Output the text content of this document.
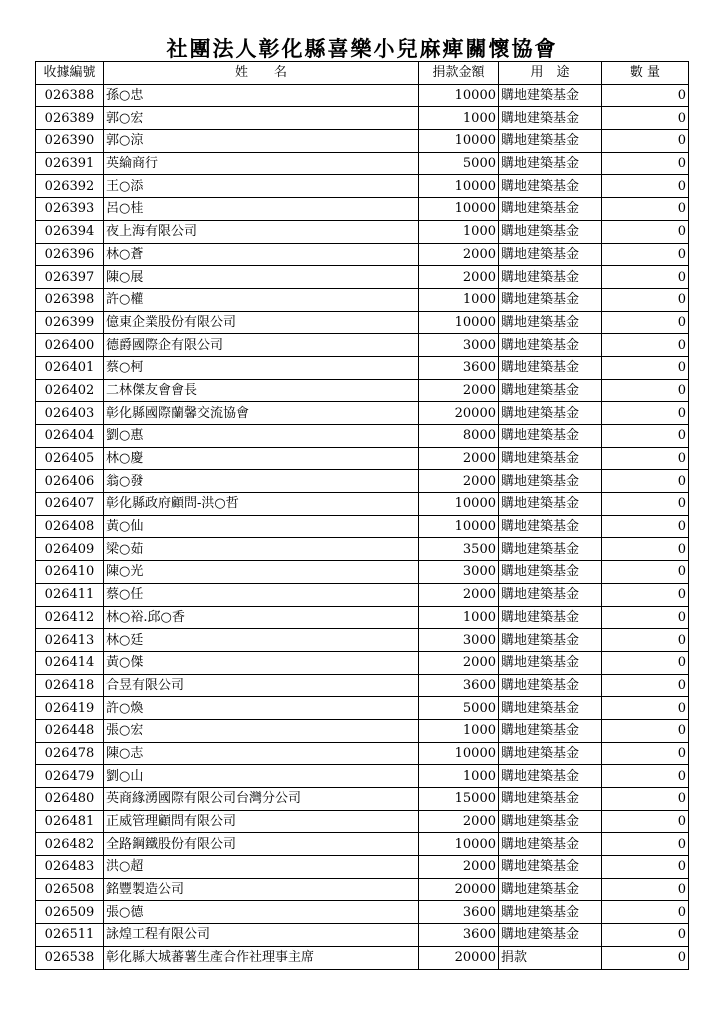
社團法人彰化縣喜樂小兒麻痺關懷協會
收據編號	姓　　名	捐款金額	用　途	數 量
026388	孫○忠	10000	購地建築基金	0
026389	郭○宏	1000	購地建築基金	0
026390	郭○涼	10000	購地建築基金	0
026391	英綸商行	5000	購地建築基金	0
026392	王○添	10000	購地建築基金	0
026393	呂○桂	10000	購地建築基金	0
026394	夜上海有限公司	1000	購地建築基金	0
026396	林○蒼	2000	購地建築基金	0
026397	陳○展	2000	購地建築基金	0
026398	許○權	1000	購地建築基金	0
026399	億東企業股份有限公司	10000	購地建築基金	0
026400	德爵國際企有限公司	3000	購地建築基金	0
026401	蔡○柯	3600	購地建築基金	0
026402	二林傑友會會長	2000	購地建築基金	0
026403	彰化縣國際蘭馨交流協會	20000	購地建築基金	0
026404	劉○惠	8000	購地建築基金	0
026405	林○慶	2000	購地建築基金	0
026406	翁○發	2000	購地建築基金	0
026407	彰化縣政府顧問-洪○哲	10000	購地建築基金	0
026408	黃○仙	10000	購地建築基金	0
026409	梁○茹	3500	購地建築基金	0
026410	陳○光	3000	購地建築基金	0
026411	蔡○任	2000	購地建築基金	0
026412	林○裕.邱○香	1000	購地建築基金	0
026413	林○廷	3000	購地建築基金	0
026414	黃○傑	2000	購地建築基金	0
026418	合昱有限公司	3600	購地建築基金	0
026419	許○煥	5000	購地建築基金	0
026448	張○宏	1000	購地建築基金	0
026478	陳○志	10000	購地建築基金	0
026479	劉○山	1000	購地建築基金	0
026480	英商緣湧國際有限公司台灣分公司	15000	購地建築基金	0
026481	正威管理顧問有限公司	2000	購地建築基金	0
026482	全路鋼鐵股份有限公司	10000	購地建築基金	0
026483	洪○超	2000	購地建築基金	0
026508	銘豐製造公司	20000	購地建築基金	0
026509	張○德	3600	購地建築基金	0
026511	詠煌工程有限公司	3600	購地建築基金	0
026538	彰化縣大城蕃薯生產合作社理事主席	20000	捐款	0
